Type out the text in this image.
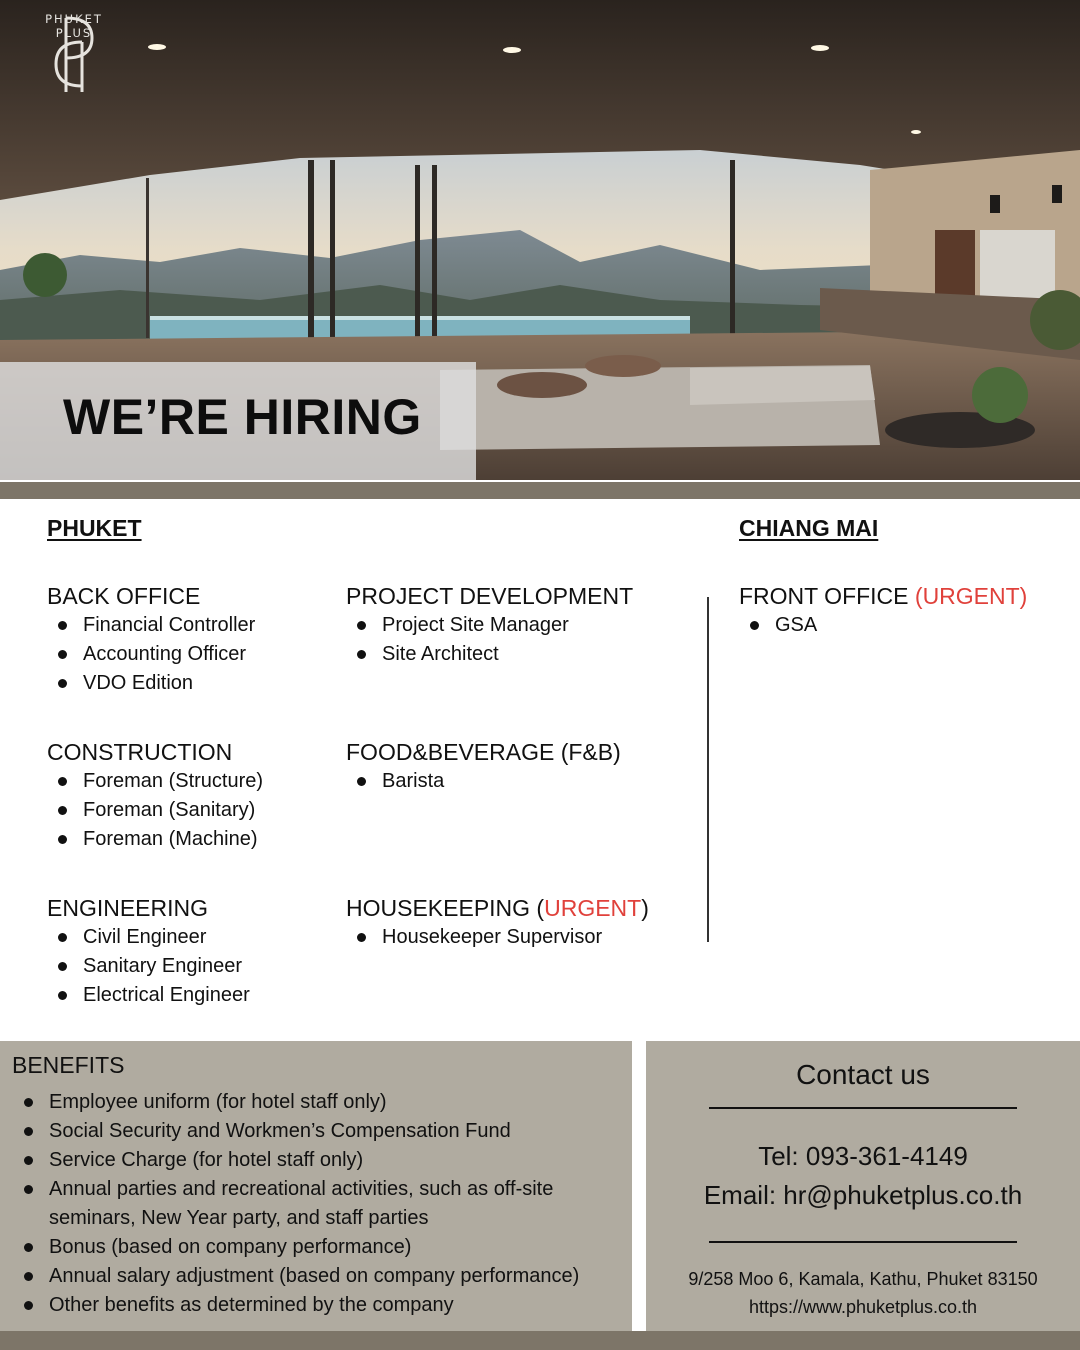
PHUKET
PLUS
WE’RE HIRING
PHUKET	CHIANG MAI

BACK OFFICE

Financial Controller
Accounting Officer
VDO Edition

PROJECT DEVELOPMENT

Project Site Manager
Site Architect

CONSTRUCTION

Foreman (Structure)
Foreman (Sanitary)
Foreman (Machine)

FOOD&BEVERAGE (F&B)

Barista

ENGINEERING

Civil Engineer
Sanitary Engineer
Electrical Engineer

HOUSEKEEPING (URGENT)

Housekeeper Supervisor

FRONT OFFICE (URGENT)

GSA
BENEFITS
Employee uniform (for hotel staff only)
Social Security and Workmen’s Compensation Fund
Service Charge (for hotel staff only)
Annual parties and recreational activities, such as off-site seminars, New Year party, and staff parties
Bonus (based on company performance)
Annual salary adjustment (based on company performance)
Other benefits as determined by the company
Contact us

Tel: 093-361-4149

Email: hr@phuketplus.co.th

9/258 Moo 6, Kamala, Kathu, Phuket 83150

https://www.phuketplus.co.th
